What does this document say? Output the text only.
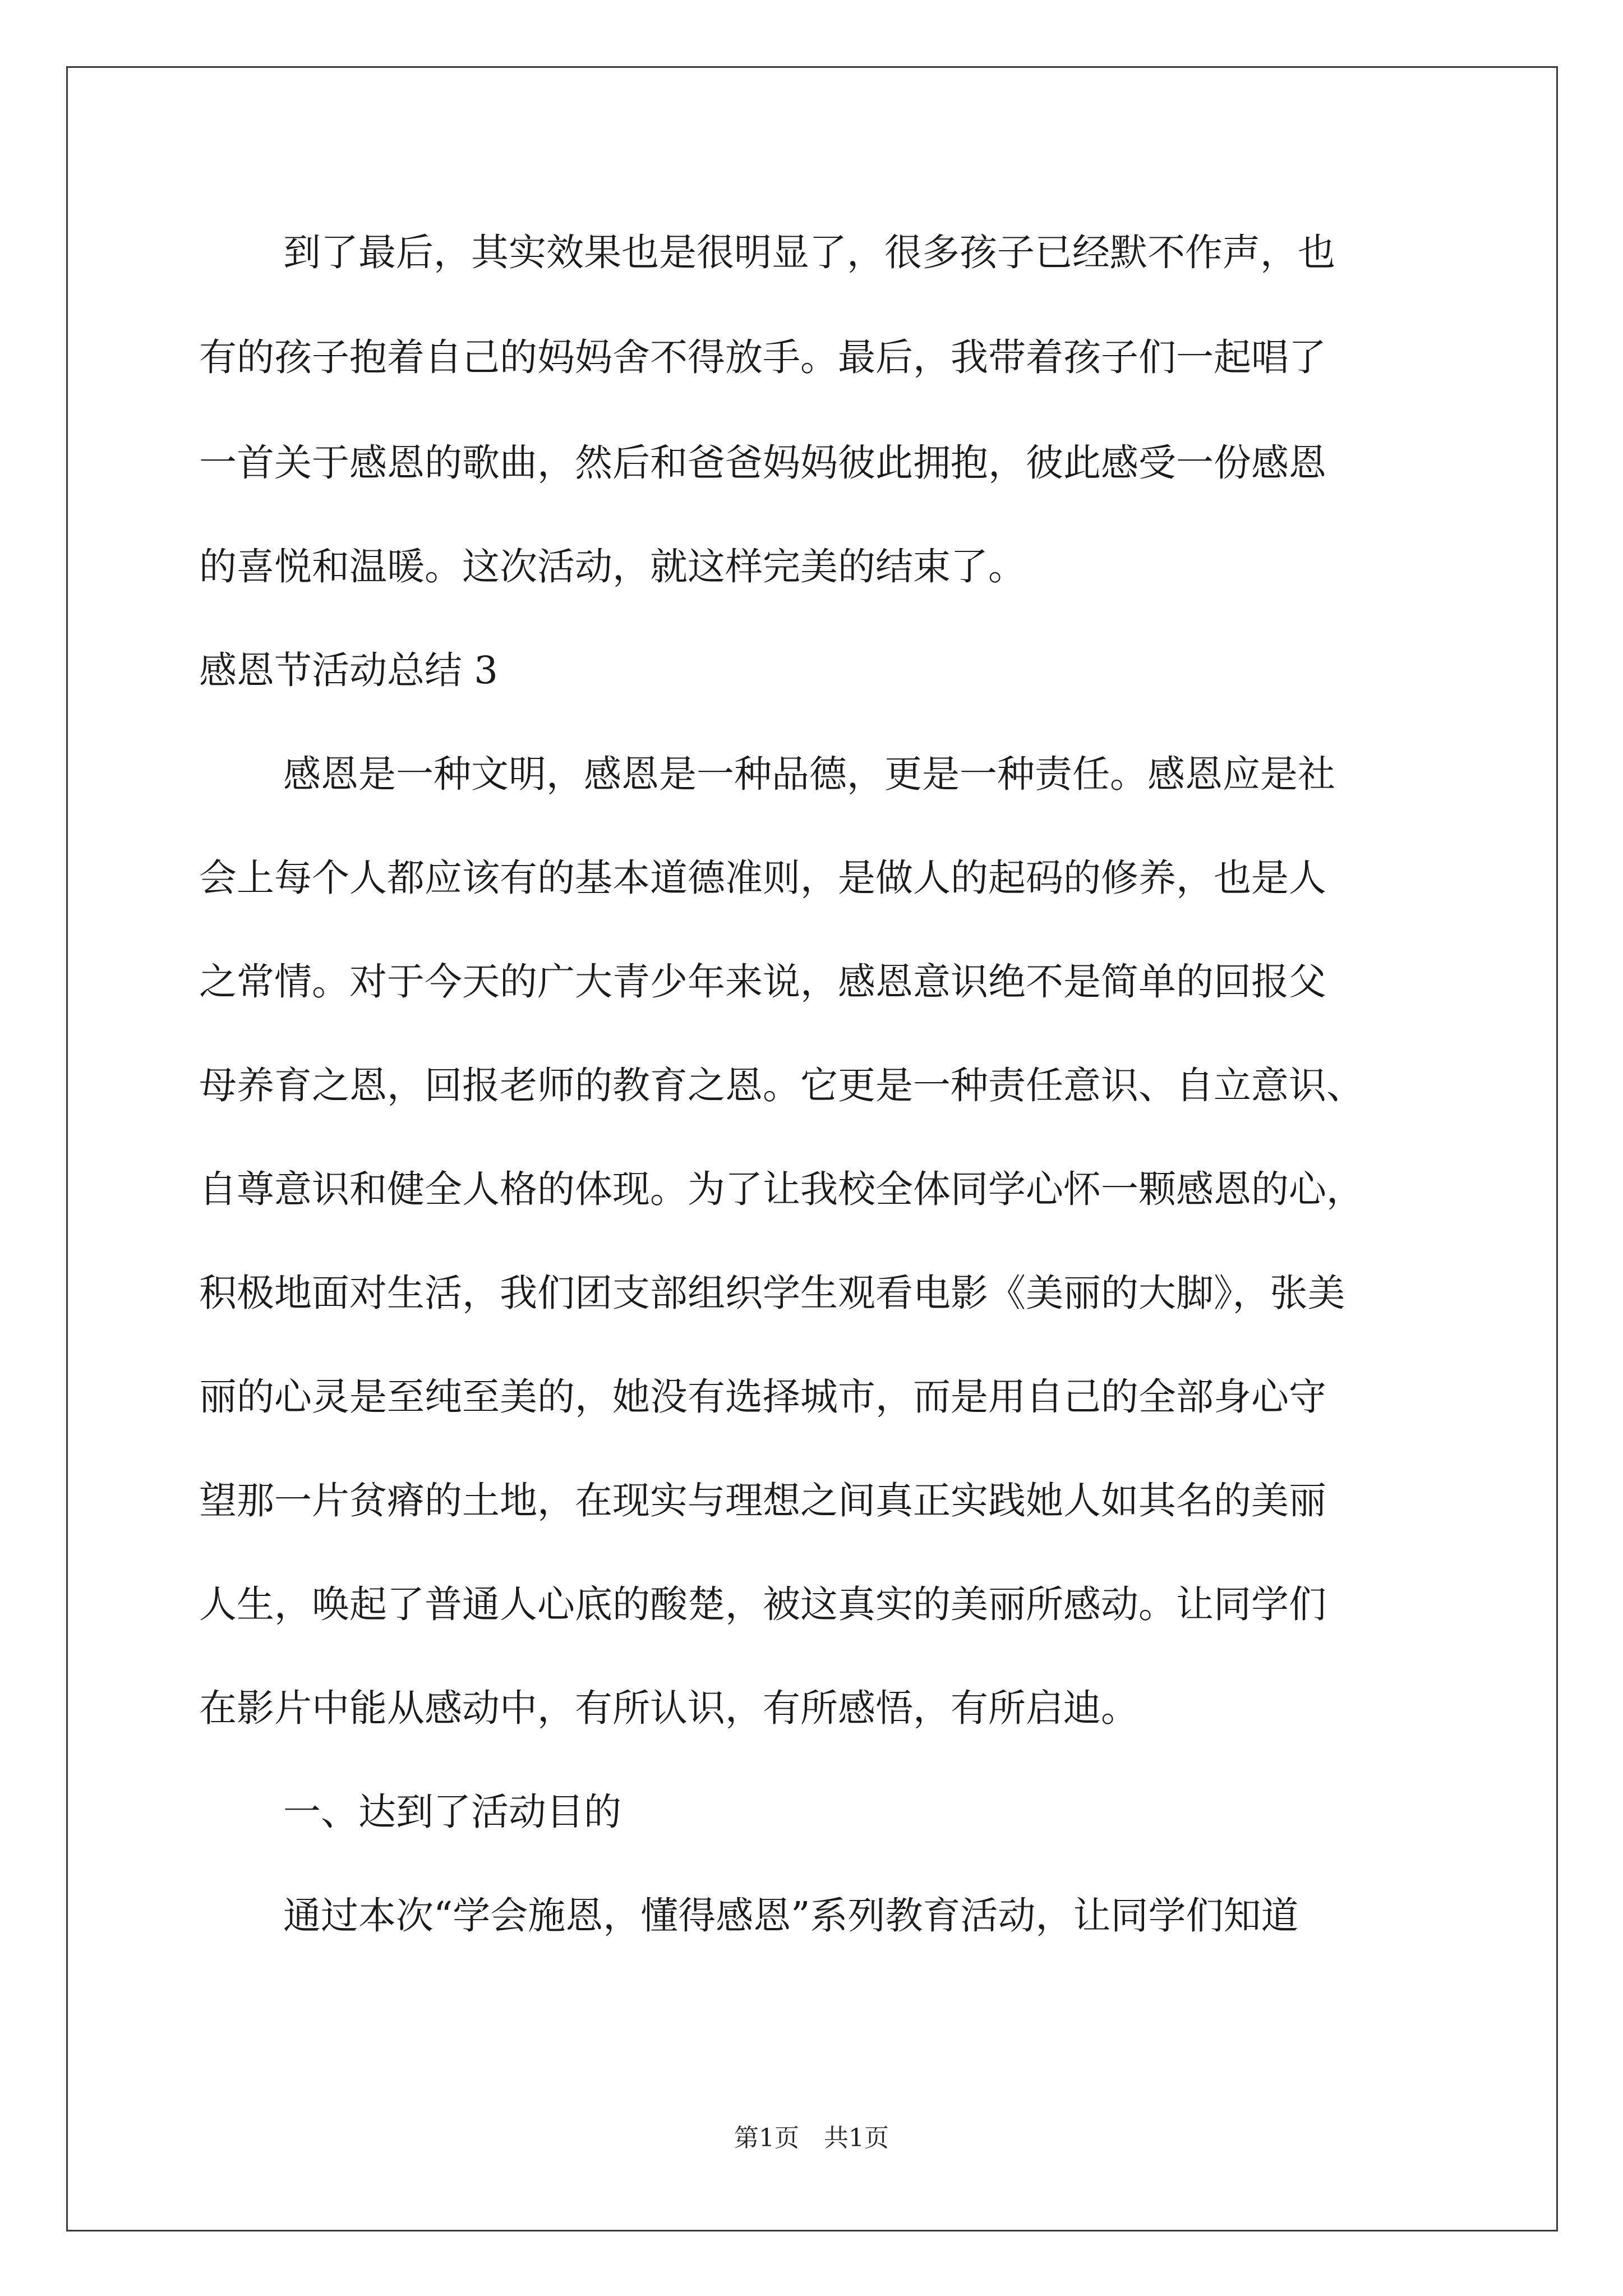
到了最后，其实效果也是很明显了，很多孩子已经默不作声，也
有的孩子抱着自己的妈妈舍不得放手。最后，我带着孩子们一起唱了
一首关于感恩的歌曲，然后和爸爸妈妈彼此拥抱，彼此感受一份感恩
的喜悦和温暖。这次活动，就这样完美的结束了。
感恩节活动总结 3
感恩是一种文明，感恩是一种品德，更是一种责任。感恩应是社
会上每个人都应该有的基本道德准则，是做人的起码的修养，也是人
之常情。对于今天的广大青少年来说，感恩意识绝不是简单的回报父
母养育之恩，回报老师的教育之恩。它更是一种责任意识、自立意识、
自尊意识和健全人格的体现。为了让我校全体同学心怀一颗感恩的心，
积极地面对生活，我们团支部组织学生观看电影《美丽的大脚》，张美
丽的心灵是至纯至美的，她没有选择城市，而是用自己的全部身心守
望那一片贫瘠的土地，在现实与理想之间真正实践她人如其名的美丽
人生，唤起了普通人心底的酸楚，被这真实的美丽所感动。让同学们
在影片中能从感动中，有所认识，有所感悟，有所启迪。
一、达到了活动目的
通过本次“学会施恩，懂得感恩”系列教育活动，让同学们知道
第1页　共1页
